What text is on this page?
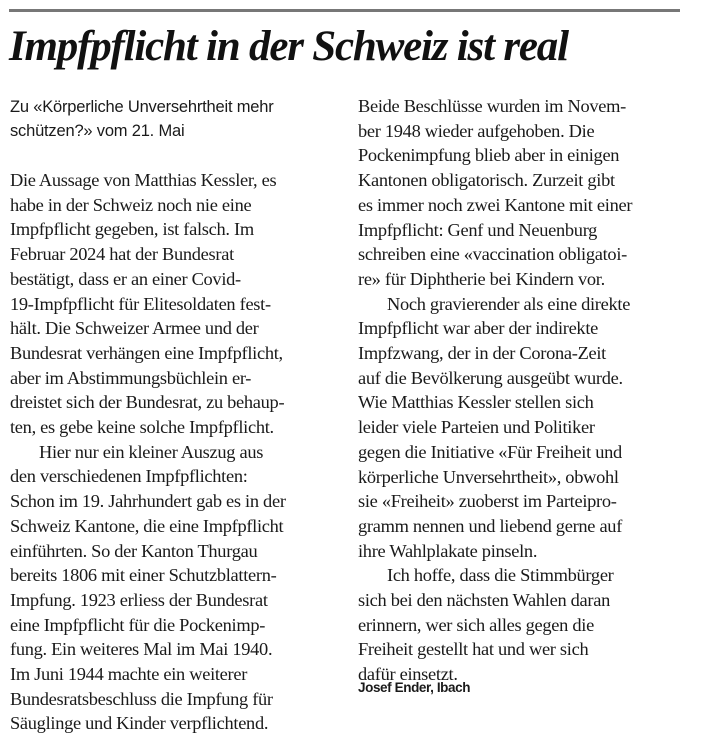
Impfpflicht in der Schweiz ist real
Zu «Körperliche Unversehrtheit mehr
schützen?» vom 21. Mai
Die Aussage von Matthias Kessler, es
habe in der Schweiz noch nie eine
Impfpflicht gegeben, ist falsch. Im
Februar 2024 hat der Bundesrat
bestätigt, dass er an einer Covid-
19-Impfpflicht für Elitesoldaten fest-
hält. Die Schweizer Armee und der
Bundesrat verhängen eine Impfpflicht,
aber im Abstimmungsbüchlein er-
dreistet sich der Bundesrat, zu behaup-
ten, es gebe keine solche Impfpflicht.
Hier nur ein kleiner Auszug aus
den verschiedenen Impfpflichten:
Schon im 19. Jahrhundert gab es in der
Schweiz Kantone, die eine Impfpflicht
einführten. So der Kanton Thurgau
bereits 1806 mit einer Schutzblattern-
Impfung. 1923 erliess der Bundesrat
eine Impfpflicht für die Pockenimp-
fung. Ein weiteres Mal im Mai 1940.
Im Juni 1944 machte ein weiterer
Bundesratsbeschluss die Impfung für
Säuglinge und Kinder verpflichtend.
Beide Beschlüsse wurden im Novem-
ber 1948 wieder aufgehoben. Die
Pockenimpfung blieb aber in einigen
Kantonen obligatorisch. Zurzeit gibt
es immer noch zwei Kantone mit einer
Impfpflicht: Genf und Neuenburg
schreiben eine «vaccination obligatoi-
re» für Diphtherie bei Kindern vor.
Noch gravierender als eine direkte
Impfpflicht war aber der indirekte
Impfzwang, der in der Corona-Zeit
auf die Bevölkerung ausgeübt wurde.
Wie Matthias Kessler stellen sich
leider viele Parteien und Politiker
gegen die Initiative «Für Freiheit und
körperliche Unversehrtheit», obwohl
sie «Freiheit» zuoberst im Parteipro-
gramm nennen und liebend gerne auf
ihre Wahlplakate pinseln.
Ich hoffe, dass die Stimmbürger
sich bei den nächsten Wahlen daran
erinnern, wer sich alles gegen die
Freiheit gestellt hat und wer sich
dafür einsetzt.
Josef Ender, Ibach
